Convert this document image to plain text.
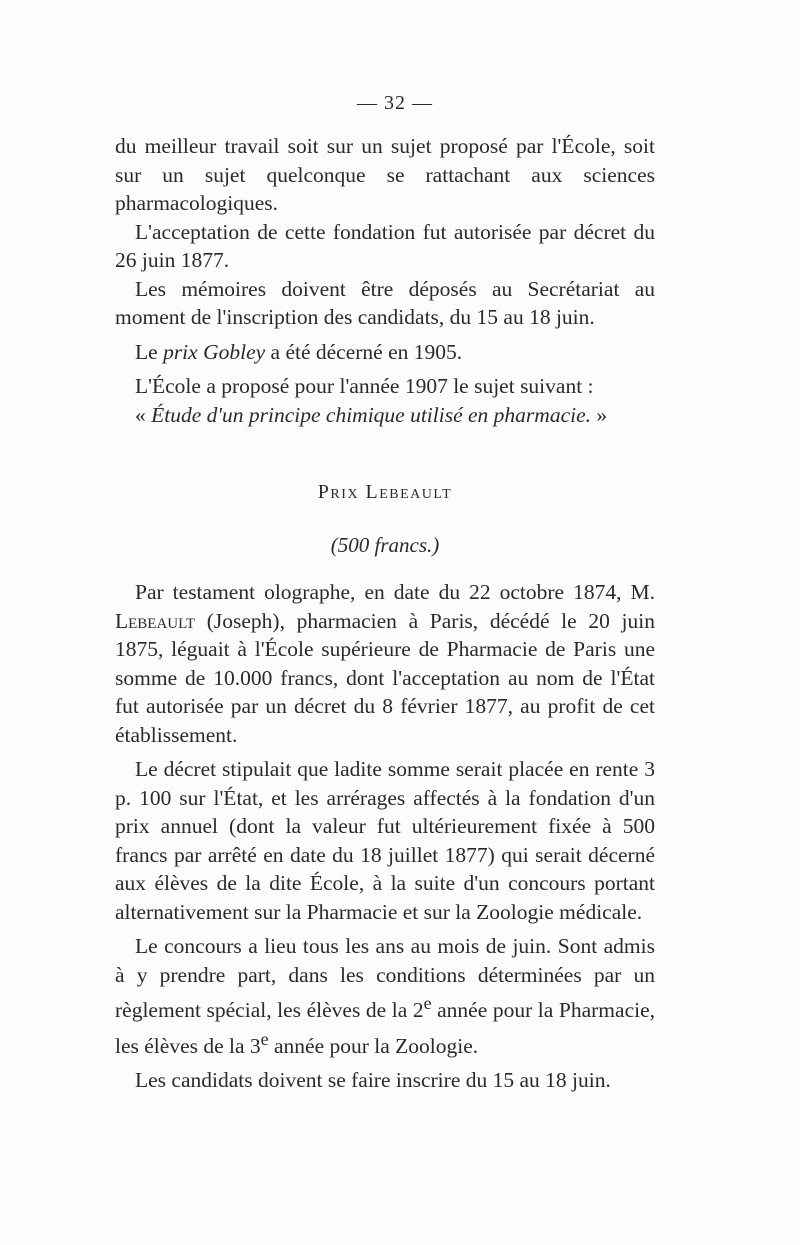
— 32 —

du meilleur travail soit sur un sujet proposé par l'École, soit sur un sujet quelconque se rattachant aux sciences pharmacologiques.

L'acceptation de cette fondation fut autorisée par décret du 26 juin 1877.

Les mémoires doivent être déposés au Secrétariat au moment de l'inscription des candidats, du 15 au 18 juin.

Le prix Gobley a été décerné en 1905.

L'École a proposé pour l'année 1907 le sujet suivant :

« Étude d'un principe chimique utilisé en pharmacie. »

Prix Lebeault
(500 francs.)

Par testament olographe, en date du 22 octobre 1874, M. Lebeault (Joseph), pharmacien à Paris, décédé le 20 juin 1875, léguait à l'École supérieure de Pharmacie de Paris une somme de 10.000 francs, dont l'acceptation au nom de l'État fut autorisée par un décret du 8 février 1877, au profit de cet établissement.

Le décret stipulait que ladite somme serait placée en rente 3 p. 100 sur l'État, et les arrérages affectés à la fondation d'un prix annuel (dont la valeur fut ultérieurement fixée à 500 francs par arrêté en date du 18 juillet 1877) qui serait décerné aux élèves de la dite École, à la suite d'un concours portant alternativement sur la Pharmacie et sur la Zoologie médicale.

Le concours a lieu tous les ans au mois de juin. Sont admis à y prendre part, dans les conditions déterminées par un règlement spécial, les élèves de la 2e année pour la Pharmacie, les élèves de la 3e année pour la Zoologie.

Les candidats doivent se faire inscrire du 15 au 18 juin.
